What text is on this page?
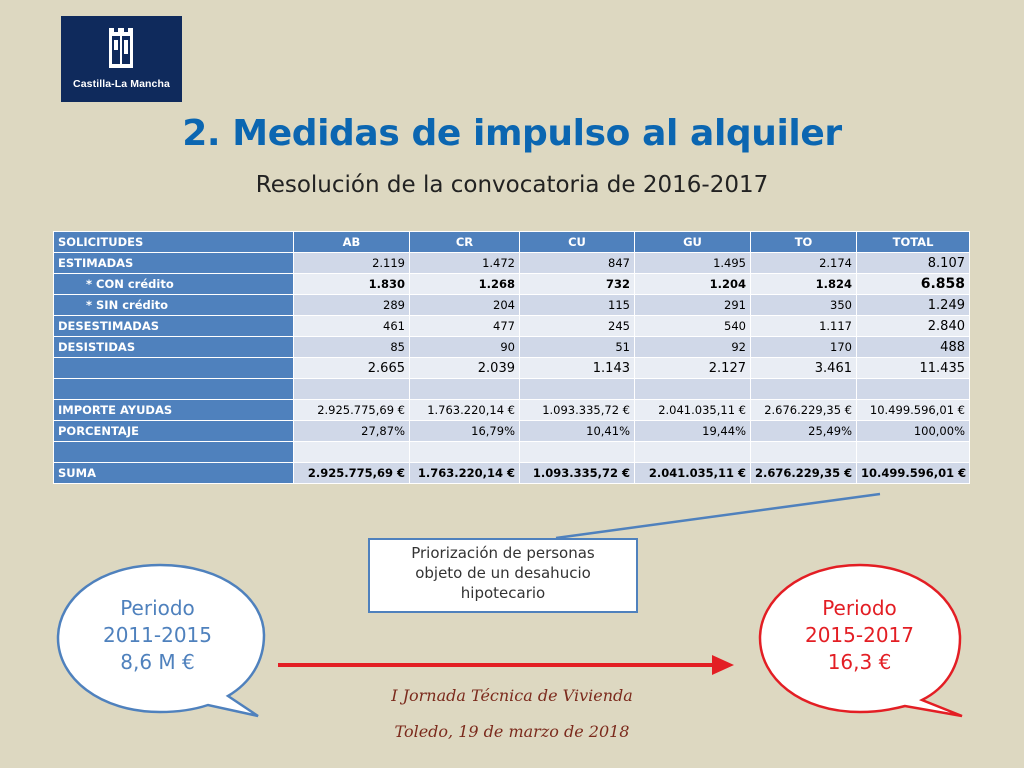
Castilla-La Mancha
2. Medidas de impulso al alquiler
Resolución de la convocatoria de 2016-2017
SOLICITUDES	AB	CR	CU	GU	TO	TOTAL
ESTIMADAS	2.119	1.472	847	1.495	2.174	8.107
* CON crédito	1.830	1.268	732	1.204	1.824	6.858
* SIN crédito	289	204	115	291	350	1.249
DESESTIMADAS	461	477	245	540	1.117	2.840
DESISTIDAS	85	90	51	92	170	488
	2.665	2.039	1.143	2.127	3.461	11.435

IMPORTE AYUDAS	2.925.775,69 €	1.763.220,14 €	1.093.335,72 €	2.041.035,11 €	2.676.229,35 €	10.499.596,01 €
PORCENTAJE	27,87%	16,79%	10,41%	19,44%	25,49%	100,00%

SUMA	2.925.775,69 €	1.763.220,14 €	1.093.335,72 €	2.041.035,11 €	2.676.229,35 €	10.499.596,01 €
Priorización de personas
objeto de un desahucio
hipotecario
Periodo
2011-2015
8,6 M €
Periodo
2015-2017
16,3 €
I Jornada Técnica de Vivienda
Toledo, 19 de marzo de 2018
